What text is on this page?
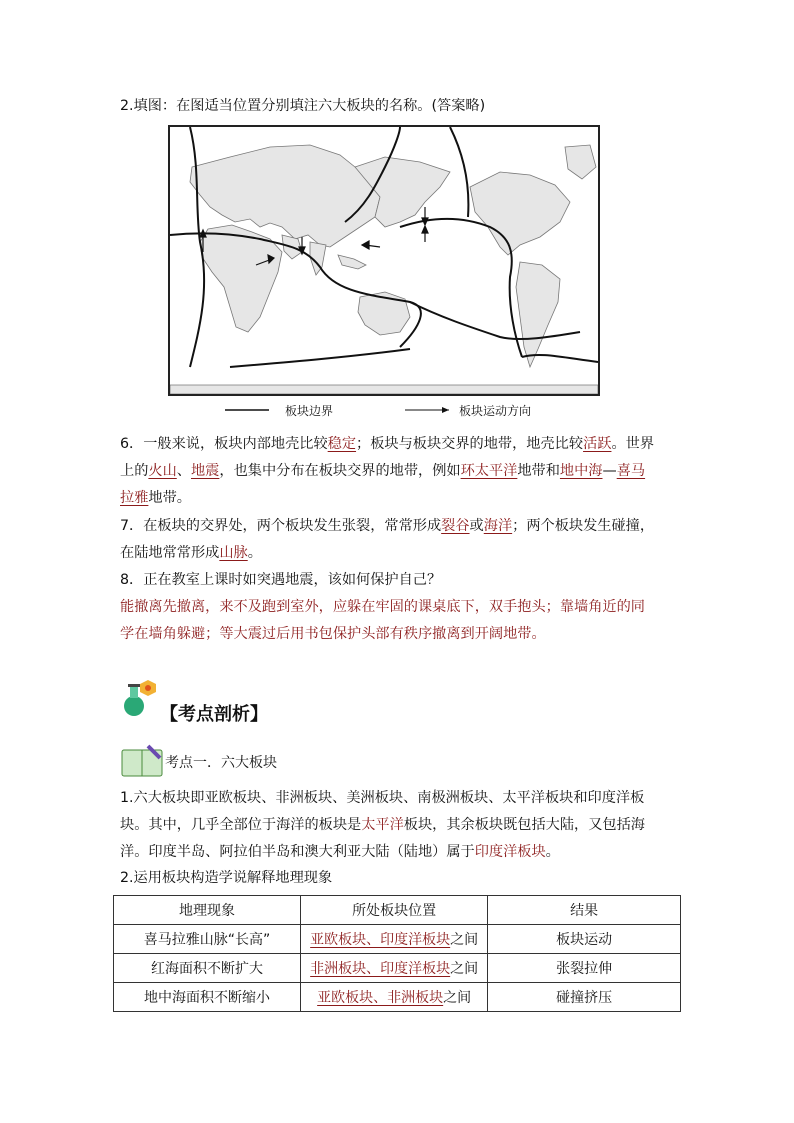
2.填图：在图适当位置分别填注六大板块的名称。(答案略)
板块边界	板块运动方向
6．一般来说，板块内部地壳比较稳定；板块与板块交界的地带，地壳比较活跃。世界
上的火山、地震，也集中分布在板块交界的地带，例如环太平洋地带和地中海—喜马
拉雅地带。
7．在板块的交界处，两个板块发生张裂，常常形成裂谷或海洋；两个板块发生碰撞，
在陆地常常形成山脉。
8．正在教室上课时如突遇地震，该如何保护自己？
能撤离先撤离，来不及跑到室外，应躲在牢固的课桌底下，双手抱头；靠墙角近的同
学在墙角躲避；等大震过后用书包保护头部有秩序撤离到开阔地带。
【考点剖析】
考点一．六大板块
1.六大板块即亚欧板块、非洲板块、美洲板块、南极洲板块、太平洋板块和印度洋板
块。其中，几乎全部位于海洋的板块是太平洋板块，其余板块既包括大陆，又包括海
洋。印度半岛、阿拉伯半岛和澳大利亚大陆（陆地）属于印度洋板块。
2.运用板块构造学说解释地理现象
地理现象	所处板块位置	结果
喜马拉雅山脉“长高”	亚欧板块、印度洋板块之间	板块运动
红海面积不断扩大	非洲板块、印度洋板块之间	张裂拉伸
地中海面积不断缩小	亚欧板块、非洲板块之间	碰撞挤压
